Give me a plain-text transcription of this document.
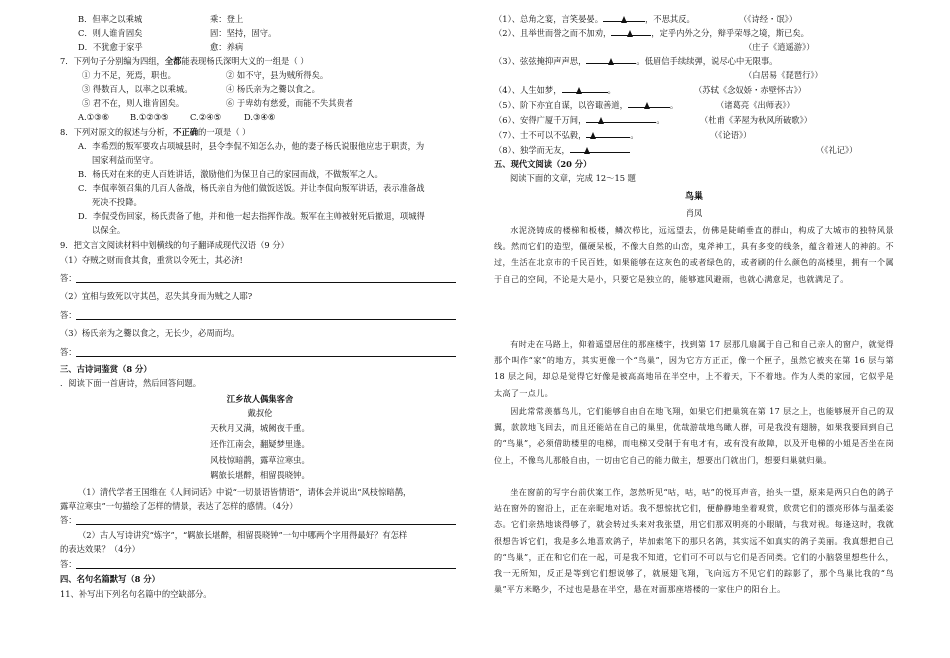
B．但率之以乘城	乘：登上
C．则人谁肯固矣	固：坚持，固守。
D．不犹愈于家乎	愈：养病
7．下列句子分别编为四组，全都能表现杨氏深明大义的一组是（ ）
① 力不足，死焉，职也。	② 如不守，县为贼所得矣。
③ 得数百人，以率之以乘城。	④ 杨氏亲为之爨以食之。
⑤ 君不在，则人谁肯固矣。	⑥ 于卑幼有慈爱，而能不失其贵者
A.①③⑥	B.①②③⑤	C.②④⑤	D.③④⑥
8．下列对原文的叙述与分析，不正确的一项是（ ）
A．李希烈的叛军要攻占项城县时，县令李侃不知怎么办，他的妻子杨氏说服他应忠于职责，为
国家利益而坚守。
B．杨氏对在来的吏人百姓讲话，激励他们为保卫自己的家园而战，不做叛军之人。
C．李侃率领召集的几百人备战，杨氏亲自为他们做饭送饭。并让李侃向叛军讲话，表示准备战
死决不投降。
D．李侃受伤回家，杨氏责备了他，并和他一起去指挥作战。叛军在主帅被射死后撤退，项城得
以保全。
9．把文言文阅读材料中划横线的句子翻译成现代汉语（9 分）
（1）夺贼之财而食其食，重赏以令死士，其必济!
答：
（2）宜相与致死以守其邑，忍失其身而为贼之人耶?
答：
（3）杨氏亲为之爨以食之，无长少，必周而均。
答：
三、古诗词鉴赏（8 分）
．阅读下面一首唐诗，然后回答问题。
江乡故人偶集客舍
戴叔伦
天秋月又满，城阙夜千重。
还作江南会，翻疑梦里逢。
风枝惊暗鹊，露草泣寒虫。
羁旅长堪醉，相留畏晓钟。
（1）清代学者王国维在《人间词话》中说“一切景语皆情语”，请体会并说出“风枝惊暗鹊，
露草泣寒虫”一句描绘了怎样的情景，表达了怎样的感情。（4分）
答：
（2）古人写诗讲究“炼字”，“羁旅长堪醉，相留畏晓钟”一句中哪两个字用得最好？有怎样
的表达效果？（4分）
答：
四、名句名篇默写（8 分）
11、补写出下列名句名篇中的空缺部分。
（1）、总角之宴，言笑晏晏。	，不思其反。	（《诗经・氓》）
（2）、且举世而誉之而不加劝，	，定乎内外之分，辩乎荣辱之境，斯已矣。
（庄子《逍遥游》）
（3）、弦弦掩抑声声思，	。低眉信手续续弹，说尽心中无限事。
（白居易《琵琶行》）
（4）、人生如梦，	。	（苏轼《念奴娇・赤壁怀古》）
（5）、阶下亦宜自谋，以咨诹善道，	。	（诸葛亮《出师表》）
（6）、安得广厦千万间，	。	（杜甫《茅屋为秋风所破歌》）
（7）、士不可以不弘毅，	。	（《论语》）
（8）、独学而无友，	（《礼记》）
五、现代文阅读（20 分）
阅读下面的文章，完成 12～15 题
鸟巢
肖凤
水泥浇铸成的楼梯和板楼，鳞次栉比，远远望去，仿佛是陡峭垂直的群山，构成了大城市的独特风景线。然而它们的造型，僵硬呆板，不像大自然的山峦，鬼斧神工，具有多变的线条，蕴含着迷人的神韵。不过，生活在北京市的千民百姓，如果能够在这灰色的或者绿色的，或者刷的什么颜色的高楼里，拥有一个属于自己的空间，不论是大是小，只要它是独立的，能够遮风避雨，也就心满意足，也就满足了。
有时走在马路上，仰着遥望居住的那座楼宇，找到第 17 层那几扇属于自己和自己亲人的窗户，就觉得那个叫作“家”的地方，其实更像一个“鸟巢”，因为它方方正正，像一个匣子，虽然它被夹在第 16 层与第 18 层之间，却总是觉得它好像是被高高地吊在半空中，上不着天，下不着地。作为人类的家园，它似乎是太高了一点儿。
因此常常羡慕鸟儿，它们能够自由自在地飞翔，如果它们把巢筑在第 17 层之上，也能够展开自己的双翼，款款地飞回去，而且还能站在自己的巢里，优哉游哉地鸟瞰人群，可是我没有翅膀，如果我要回到自己的“鸟巢”，必须借助楼里的电梯，而电梯又受制于有电才有，或有没有故障，以及开电梯的小姐是否坐在岗位上，不像鸟儿那般自由，一切由它自己的能力做主，想要出门就出门，想要归巢就归巢。
坐在窗前的写字台前伏案工作，忽然听见“咕，咕，咕”的悦耳声音，抬头一望，原来是两只白色的鸽子站在窗外的窗沿上，正在亲昵地对话。我不想惊扰它们，便静静地坐着观赏，欣赏它们的漂亮形体与温柔姿态。它们亲热地谈得够了，就会转过头来对我张望，用它们那双明亮的小眼睛，与我对视。每逢这时，我就很想告诉它们，我是多么地喜欢鸽子，毕加索笔下的那只名鸽，其实远不如真实的鸽子美丽。我真想把自己的“鸟巢”，正在和它们在一起，可是我不知道，它们可不可以与它们是否同类。它们的小脑袋里想些什么，我一无所知，反正是等到它们想说够了，就展翅飞翔，飞向远方不见它们的踪影了，那个鸟巢比我的“鸟巢”平方米略少，不过也是悬在半空，悬在对面那座塔楼的一家住户的阳台上。
